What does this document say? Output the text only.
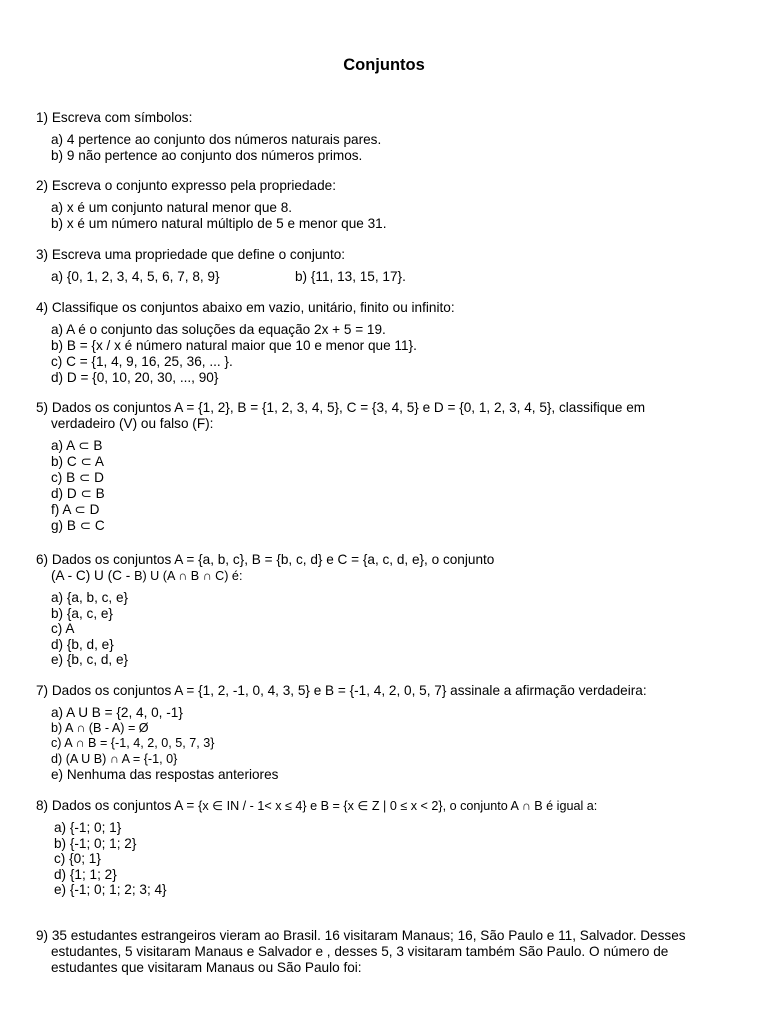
Conjuntos

1) Escreva com símbolos:

a) 4 pertence ao conjunto dos números naturais pares.
b) 9 não pertence ao conjunto dos números primos.

2) Escreva o conjunto expresso pela propriedade:

a) x é um conjunto natural menor que 8.
b) x é um número natural múltiplo de 5 e menor que 31.

3) Escreva uma propriedade que define o conjunto:

a) {0, 1, 2, 3, 4, 5, 6, 7, 8, 9}	b) {11, 13, 15, 17}.

4) Classifique os conjuntos abaixo em vazio, unitário, finito ou infinito:

a) A é o conjunto das soluções da equação 2x + 5 = 19.
b) B = {x / x é número natural maior que 10 e menor que 11}.
c) C = {1, 4, 9, 16, 25, 36, ... }.
d) D = {0, 10, 20, 30, ..., 90}

5) Dados os conjuntos A = {1, 2}, B = {1, 2, 3, 4, 5}, C = {3, 4, 5} e D = {0, 1, 2, 3, 4, 5}, classifique em

verdadeiro (V) ou falso (F):

a) A ⊂ B
b) C ⊂ A
c) B ⊂ D
d) D ⊂ B
f) A ⊂ D
g) B ⊂ C

6) Dados os conjuntos A = {a, b, c}, B = {b, c, d} e C = {a, c, d, e}, o conjunto

(A - C) U (C - B) U (A ∩ B ∩ C) é:

a) {a, b, c, e}
b) {a, c, e}
c) A
d) {b, d, e}
e) {b, c, d, e}

7) Dados os conjuntos A = {1, 2, -1, 0, 4, 3, 5} e B = {-1, 4, 2, 0, 5, 7} assinale a afirmação verdadeira:

a) A U B = {2, 4, 0, -1}
b) A ∩ (B - A) = Ø
c) A ∩ B = {-1, 4, 2, 0, 5, 7, 3}
d) (A U B) ∩ A = {-1, 0}
e) Nenhuma das respostas anteriores

8) Dados os conjuntos A = {x ∈ IN / - 1< x ≤ 4} e B = {x ∈ Z | 0 ≤ x < 2}, o conjunto A ∩ B é igual a:

a) {-1; 0; 1}
b) {-1; 0; 1; 2}
c) {0; 1}
d) {1; 1; 2}
e) {-1; 0; 1; 2; 3; 4}

9) 35 estudantes estrangeiros vieram ao Brasil. 16 visitaram Manaus; 16, São Paulo e 11, Salvador. Desses

estudantes, 5 visitaram Manaus e Salvador e , desses 5, 3 visitaram também São Paulo. O número de

estudantes que visitaram Manaus ou São Paulo foi:
